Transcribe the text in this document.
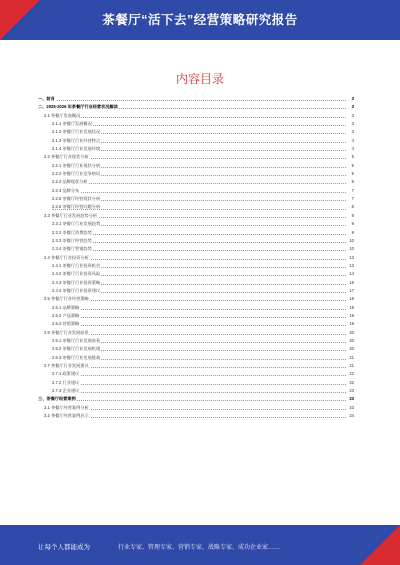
茶餐厅“活下去”经营策略研究报告
内容目录
一、前言	3
二、2025-2026 年茶餐厅行业经营状况解读	3
2.1 茶餐厅发展概况	3
2.1.1 茶餐厅发展概况	3
2.1.2 茶餐厅行业发展状况	3
2.1.3 茶餐厅行业经营特点	4
2.1.4 茶餐厅行业发展环境	4
2.2 茶餐厅行业现状分析	5
2.2.1 茶餐厅行业现状分析	5
2.2.2 茶餐厅行业竞争格局	5
2.2.3 品牌现状分析	6
2.2.4 品牌分布	7
2.2.5 茶餐厅经营现状分析	7
2.2.6 茶餐厅经营问题分析	8
2.3 茶餐厅行业发展趋势分析	8
2.3.1 茶餐厅行业发展趋势	9
2.3.2 茶餐厅消费趋势	9
2.3.3 茶餐厅经营趋势	10
2.3.4 茶餐厅营销趋势	10
2.4 茶餐厅行业投资分析	13
2.4.1 茶餐厅行业投资机会	13
2.4.2 茶餐厅行业投资风险	14
2.4.3 茶餐厅行业投资策略	16
2.4.4 茶餐厅行业投资建议	17
2.5 茶餐厅行业经营策略	18
2.5.1 品牌策略	18
2.5.2 产品策略	19
2.5.3 营销策略	19
2.6 茶餐厅行业发展前景	20
2.6.1 茶餐厅行业发展前景	20
2.6.2 茶餐厅行业发展机遇	20
2.6.3 茶餐厅行业发展挑战	21
2.7 茶餐厅行业发展建议	21
2.7.1 政策建议	22
2.7.2 行业建议	22
2.7.3 企业建议	23
三、茶餐厅经营案例	23
3.1 茶餐厅经营案例分析	23
3.2 茶餐厅经营案例启示	24
让每个人都能成为	行业专家、管理专家、营销专家、战略专家、成功企业家……
